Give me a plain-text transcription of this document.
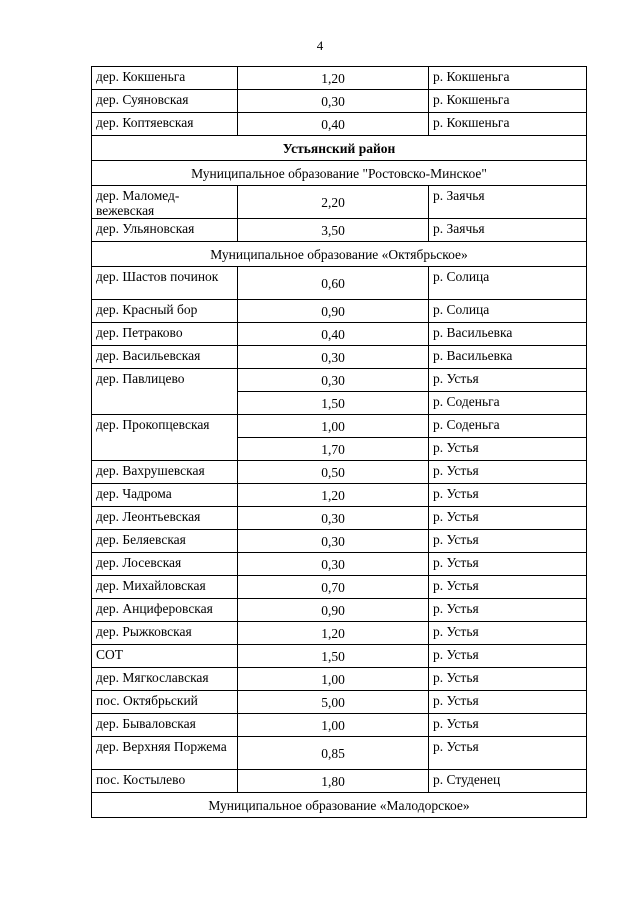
4
дер. Кокшеньга	1,20	р. Кокшеньга
дер. Суяновская	0,30	р. Кокшеньга
дер. Коптяевская	0,40	р. Кокшеньга
Устьянский район		
Муниципальное образование "Ростовско-Минское"		
дер. Маломед-вежевская	2,20	р. Заячья
дер. Ульяновская	3,50	р. Заячья
Муниципальное образование «Октябрьское»		
дер. Шастов починок	0,60	р. Солица
дер. Красный бор	0,90	р. Солица
дер. Петраково	0,40	р. Васильевка
дер. Васильевская	0,30	р. Васильевка
дер. Павлицево	0,30	р. Устья
	1,50	р. Соденьга
дер. Прокопцевская	1,00	р. Соденьга
	1,70	р. Устья
дер. Вахрушевская	0,50	р. Устья
дер. Чадрома	1,20	р. Устья
дер. Леонтьевская	0,30	р. Устья
дер. Беляевская	0,30	р. Устья
дер. Лосевская	0,30	р. Устья
дер. Михайловская	0,70	р. Устья
дер. Анциферовская	0,90	р. Устья
дер. Рыжковская	1,20	р. Устья
СОТ	1,50	р. Устья
дер. Мягкославская	1,00	р. Устья
пос. Октябрьский	5,00	р. Устья
дер. Бываловская	1,00	р. Устья
дер. Верхняя Поржема	0,85	р. Устья
пос. Костылево	1,80	р. Студенец
Муниципальное образование «Малодорское»		
